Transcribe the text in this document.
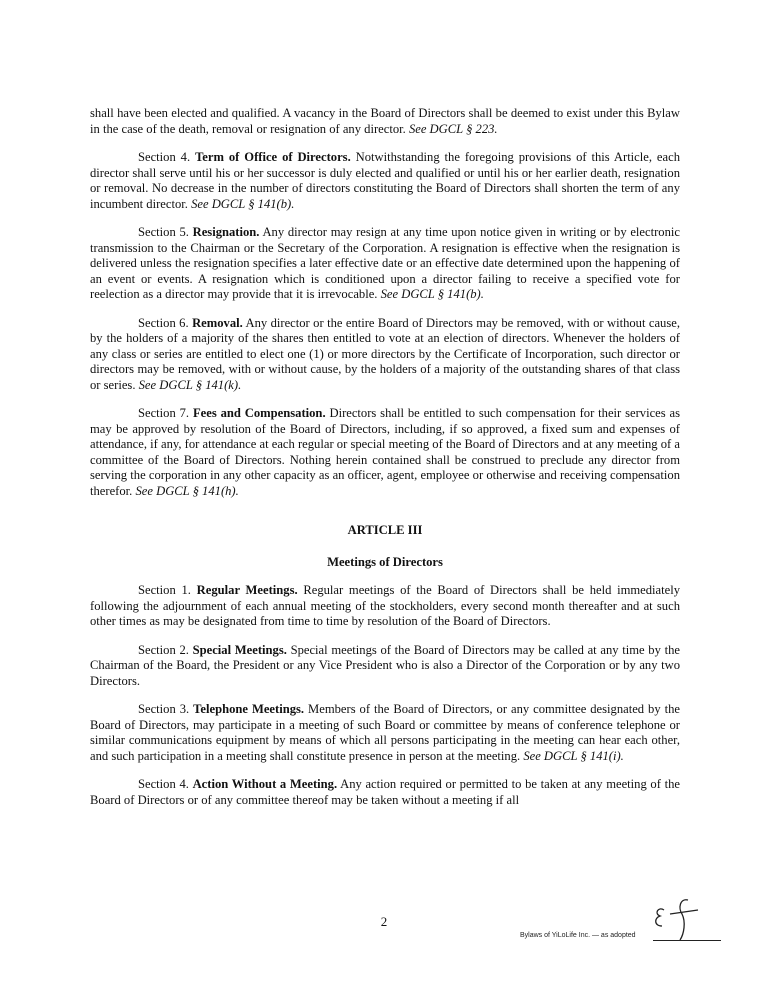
shall have been elected and qualified. A vacancy in the Board of Directors shall be deemed to exist under this Bylaw in the case of the death, removal or resignation of any director. See DGCL § 223.

Section 4. Term of Office of Directors. Notwithstanding the foregoing provisions of this Article, each director shall serve until his or her successor is duly elected and qualified or until his or her earlier death, resignation or removal. No decrease in the number of directors constituting the Board of Directors shall shorten the term of any incumbent director. See DGCL § 141(b).

Section 5. Resignation. Any director may resign at any time upon notice given in writing or by electronic transmission to the Chairman or the Secretary of the Corporation. A resignation is effective when the resignation is delivered unless the resignation specifies a later effective date or an effective date determined upon the happening of an event or events. A resignation which is conditioned upon a director failing to receive a specified vote for reelection as a director may provide that it is irrevocable. See DGCL § 141(b).

Section 6. Removal. Any director or the entire Board of Directors may be removed, with or without cause, by the holders of a majority of the shares then entitled to vote at an election of directors. Whenever the holders of any class or series are entitled to elect one (1) or more directors by the Certificate of Incorporation, such director or directors may be removed, with or without cause, by the holders of a majority of the outstanding shares of that class or series. See DGCL § 141(k).

Section 7. Fees and Compensation. Directors shall be entitled to such compensation for their services as may be approved by resolution of the Board of Directors, including, if so approved, a fixed sum and expenses of attendance, if any, for attendance at each regular or special meeting of the Board of Directors and at any meeting of a committee of the Board of Directors. Nothing herein contained shall be construed to preclude any director from serving the corporation in any other capacity as an officer, agent, employee or otherwise and receiving compensation therefor. See DGCL § 141(h).

ARTICLE III
Meetings of Directors

Section 1. Regular Meetings. Regular meetings of the Board of Directors shall be held immediately following the adjournment of each annual meeting of the stockholders, every second month thereafter and at such other times as may be designated from time to time by resolution of the Board of Directors.

Section 2. Special Meetings. Special meetings of the Board of Directors may be called at any time by the Chairman of the Board, the President or any Vice President who is also a Director of the Corporation or by any two Directors.

Section 3. Telephone Meetings. Members of the Board of Directors, or any committee designated by the Board of Directors, may participate in a meeting of such Board or committee by means of conference telephone or similar communications equipment by means of which all persons participating in the meeting can hear each other, and such participation in a meeting shall constitute presence in person at the meeting. See DGCL § 141(i).

Section 4. Action Without a Meeting. Any action required or permitted to be taken at any meeting of the Board of Directors or of any committee thereof may be taken without a meeting if all

2
Bylaws of YiLoLife Inc. — as adopted
